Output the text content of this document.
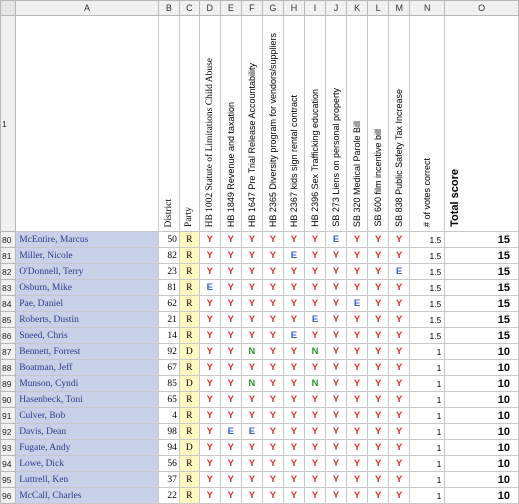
	A	B	C	D	E	F	G	H	I	J	K	L	M	N	O
1		District	Party	HB 1002 Statute of Limitations Child Abuse	HB 1849 Revenue and taxation	HB 1647 Pre Trial Release Accountability	HB 2365 Diversity program for vendors/suppliers	HB 2367 kids sign rental contract	HB 2396 Sex Trafficking education	SB 273 Liens on personal property	SB 320 Medical Parole Bill	SB 600 film incentive bill	SB 838 Public Safety Tax Increase	# of votes correct	Total score
80	McEntire, Marcus	50	R	Y	Y	Y	Y	Y	Y	E	Y	Y	Y	1.5	15
81	Miller, Nicole	82	R	Y	Y	Y	Y	E	Y	Y	Y	Y	Y	1.5	15
82	O'Donnell, Terry	23	R	Y	Y	Y	Y	Y	Y	Y	Y	Y	E	1.5	15
83	Osburn, Mike	81	R	E	Y	Y	Y	Y	Y	Y	Y	Y	Y	1.5	15
84	Pae, Daniel	62	R	Y	Y	Y	Y	Y	Y	Y	E	Y	Y	1.5	15
85	Roberts, Dustin	21	R	Y	Y	Y	Y	Y	E	Y	Y	Y	Y	1.5	15
86	Sneed, Chris	14	R	Y	Y	Y	Y	E	Y	Y	Y	Y	Y	1.5	15
87	Bennett, Forrest	92	D	Y	Y	N	Y	Y	N	Y	Y	Y	Y	1	10
88	Boatman, Jeff	67	R	Y	Y	Y	Y	Y	Y	Y	Y	Y	Y	1	10
89	Munson, Cyndi	85	D	Y	Y	N	Y	Y	N	Y	Y	Y	Y	1	10
90	Hasenbeck, Toni	65	R	Y	Y	Y	Y	Y	Y	Y	Y	Y	Y	1	10
91	Culver, Bob	4	R	Y	Y	Y	Y	Y	Y	Y	Y	Y	Y	1	10
92	Davis, Dean	98	R	Y	E	E	Y	Y	Y	Y	Y	Y	Y	1	10
93	Fugate, Andy	94	D	Y	Y	Y	Y	Y	Y	Y	Y	Y	Y	1	10
94	Lowe, Dick	56	R	Y	Y	Y	Y	Y	Y	Y	Y	Y	Y	1	10
95	Luttrell, Ken	37	R	Y	Y	Y	Y	Y	Y	Y	Y	Y	Y	1	10
96	McCall, Charles	22	R	Y	Y	Y	Y	Y	Y	Y	Y	Y	Y	1	10
